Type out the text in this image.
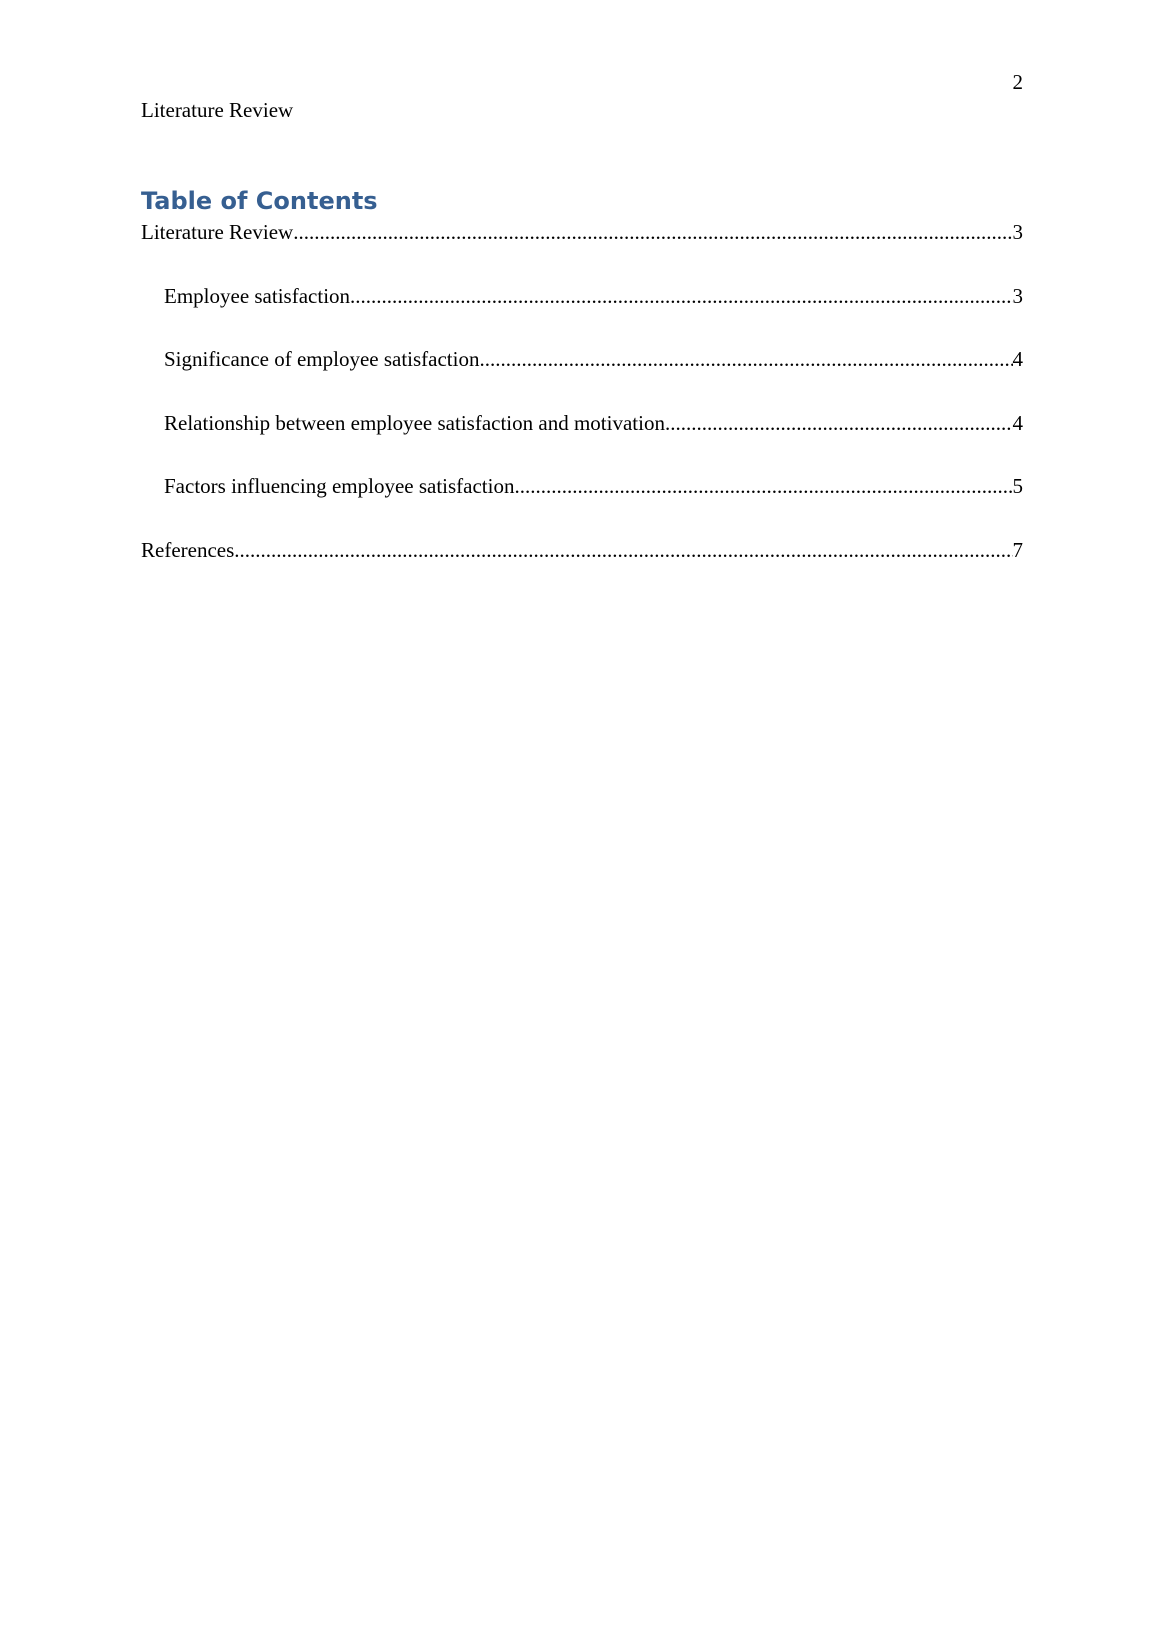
2
Literature Review
Table of Contents
Literature Review .....	3
Employee satisfaction .....	3
Significance of employee satisfaction .....	4
Relationship between employee satisfaction and motivation .....	4
Factors influencing employee satisfaction .....	5
References .....	7
